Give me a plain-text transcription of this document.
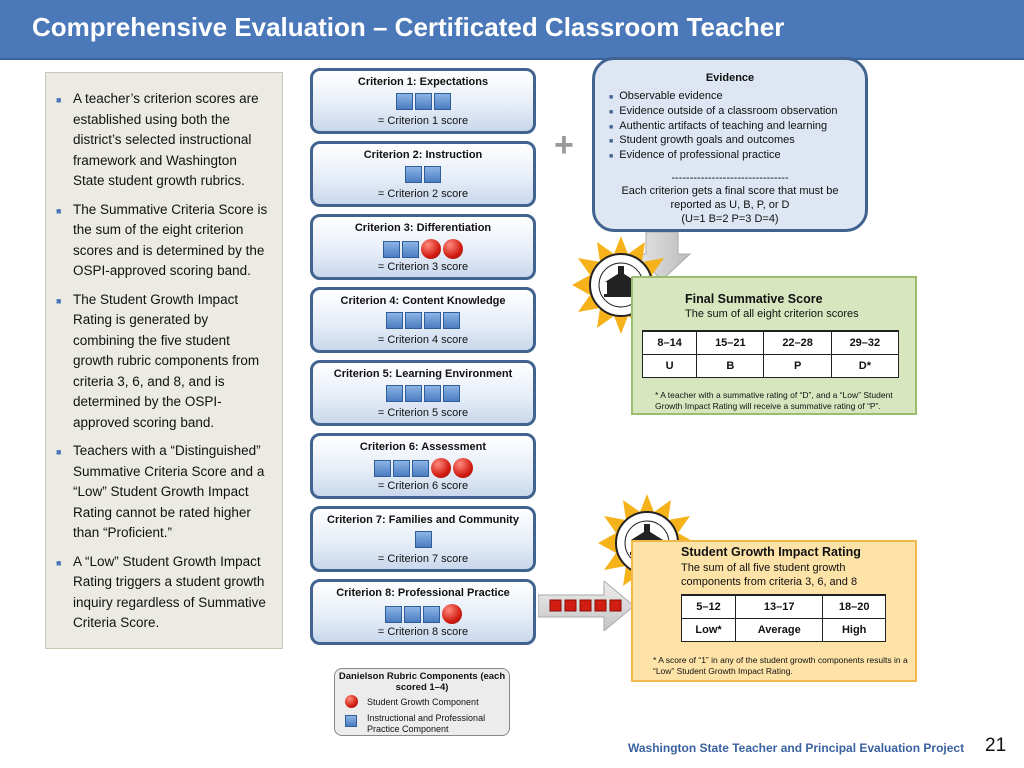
Comprehensive Evaluation – Certificated Classroom Teacher
■ A teacher’s criterion scores are established using both the district’s selected instructional framework and Washington State student growth rubrics.
■ The Summative Criteria Score is the sum of the eight criterion scores and is determined by the OSPI-approved scoring band.
■ The Student Growth Impact Rating is generated by combining the five student growth rubric components from criteria 3, 6, and 8, and is determined by the OSPI-approved scoring band.
■ Teachers with a “Distinguished” Summative Criteria Score and a “Low” Student Growth Impact Rating cannot be rated higher than “Proficient.”
■ A “Low” Student Growth Impact Rating triggers a student growth inquiry regardless of Summative Criteria Score.
Criterion 1: Expectations
= Criterion 1 score
Criterion 2: Instruction
= Criterion 2 score
Criterion 3: Differentiation
= Criterion 3 score
Criterion 4: Content Knowledge
= Criterion 4 score
Criterion 5: Learning Environment
= Criterion 5 score
Criterion 6: Assessment
= Criterion 6 score
Criterion 7: Families and Community
= Criterion 7 score
Criterion 8: Professional Practice
= Criterion 8 score
+
Evidence
■ Observable evidence
■ Evidence outside of a classroom observation
■ Authentic artifacts of teaching and learning
■ Student growth goals and outcomes
■ Evidence of professional practice
--------------------------------
Each criterion gets a final score that must be reported as U, B, P, or D
(U=1 B=2 P=3 D=4)
Final Summative Score
The sum of all eight criterion scores
8–14	15–21	22–28	29–32
U	B	P	D*
* A teacher with a summative rating of “D”, and a “Low” Student Growth Impact Rating will receive a summative rating of “P”.
Student Growth Impact Rating
The sum of all five student growth components from criteria 3, 6, and 8
5–12	13–17	18–20
Low*	Average	High
* A score of “1” in any of the student growth components results in a “Low” Student Growth Impact Rating.
Danielson Rubric Components (each scored 1–4)
Student Growth Component
Instructional and Professional Practice Component
Washington State Teacher and Principal Evaluation Project 21
